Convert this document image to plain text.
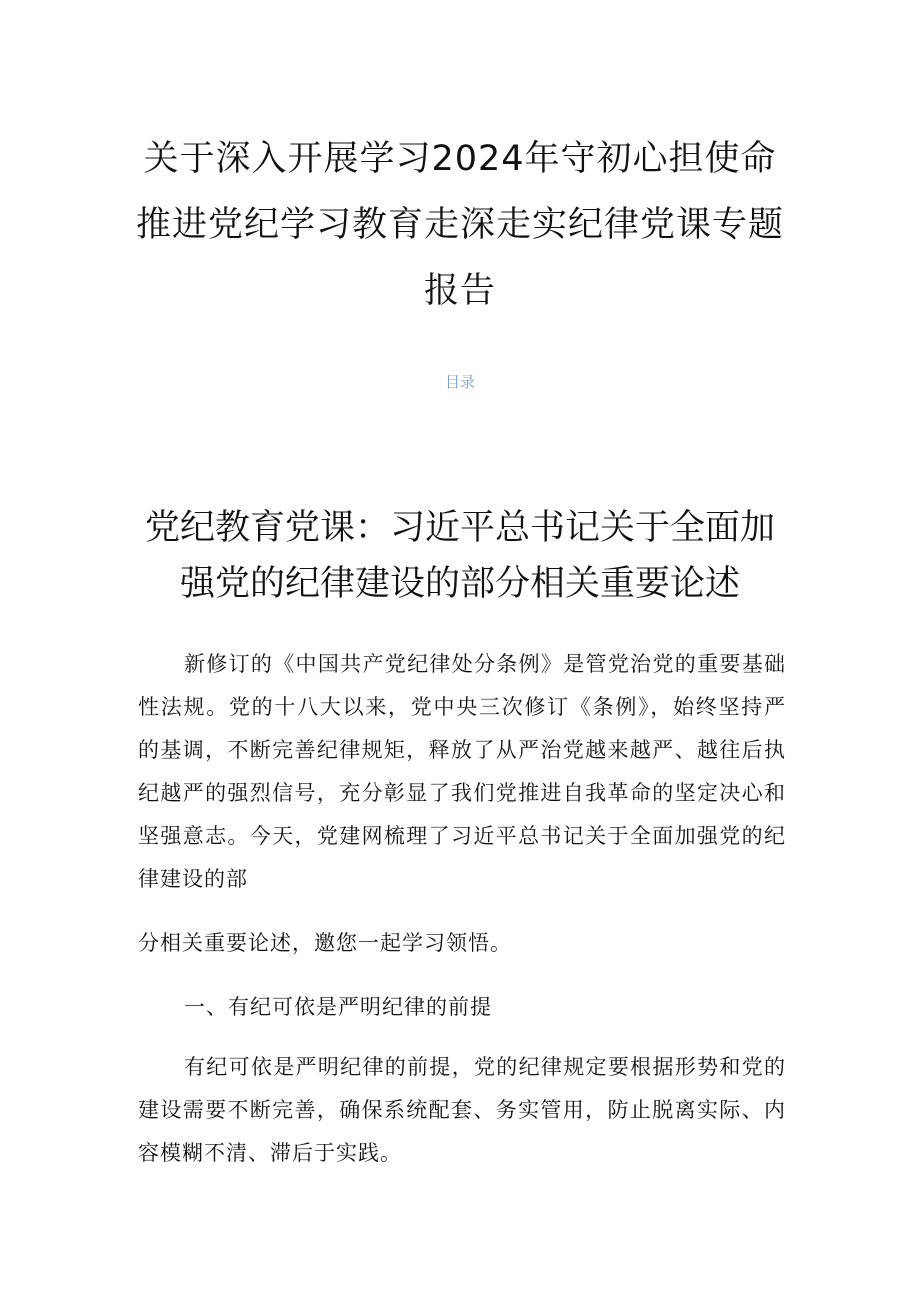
关于深入开展学习2024年守初心担使命推进党纪学习教育走深走实纪律党课专题报告
目录
党纪教育党课：习近平总书记关于全面加强党的纪律建设的部分相关重要论述

新修订的《中国共产党纪律处分条例》是管党治党的重要基础性法规。党的十八大以来，党中央三次修订《条例》，始终坚持严的基调，不断完善纪律规矩，释放了从严治党越来越严、越往后执纪越严的强烈信号，充分彰显了我们党推进自我革命的坚定决心和坚强意志。今天，党建网梳理了习近平总书记关于全面加强党的纪律建设的部

分相关重要论述，邀您一起学习领悟。

一、有纪可依是严明纪律的前提

有纪可依是严明纪律的前提，党的纪律规定要根据形势和党的建设需要不断完善，确保系统配套、务实管用，防止脱离实际、内容模糊不清、滞后于实践。
